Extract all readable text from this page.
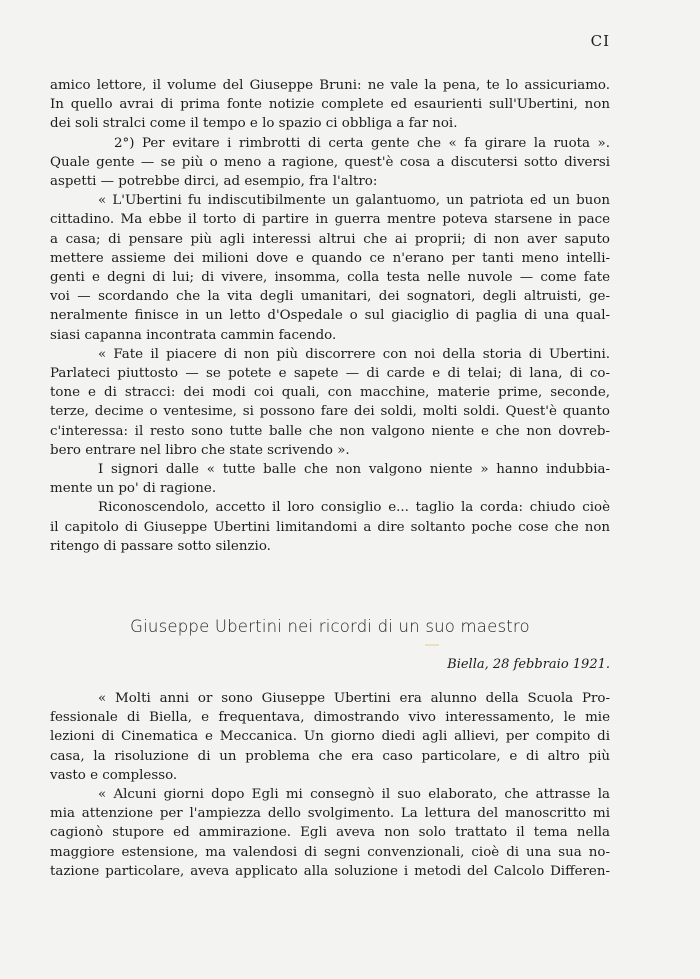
CI
amico lettore, il volume del Giuseppe Bruni: ne vale la pena, te lo assicuriamo.
In quello avrai di prima fonte notizie complete ed esaurienti sull'Ubertini, non
dei soli stralci come il tempo e lo spazio ci obbliga a far noi.
2°) Per evitare i rimbrotti di certa gente che « fa girare la ruota ».
Quale gente — se più o meno a ragione, quest'è cosa a discutersi sotto diversi
aspetti — potrebbe dirci, ad esempio, fra l'altro:
« L'Ubertini fu indiscutibilmente un galantuomo, un patriota ed un buon
cittadino. Ma ebbe il torto di partire in guerra mentre poteva starsene in pace
a casa; di pensare più agli interessi altrui che ai proprii; di non aver saputo
mettere assieme dei milioni dove e quando ce n'erano per tanti meno intelli-
genti e degni di lui; di vivere, insomma, colla testa nelle nuvole — come fate
voi — scordando che la vita degli umanitari, dei sognatori, degli altruisti, ge-
neralmente finisce in un letto d'Ospedale o sul giaciglio di paglia di una qual-
siasi capanna incontrata cammin facendo.
« Fate il piacere di non più discorrere con noi della storia di Ubertini.
Parlateci piuttosto — se potete e sapete — di carde e di telai; di lana, di co-
tone e di stracci: dei modi coi quali, con macchine, materie prime, seconde,
terze, decime o ventesime, si possono fare dei soldi, molti soldi. Quest'è quanto
c'interessa: il resto sono tutte balle che non valgono niente e che non dovreb-
bero entrare nel libro che state scrivendo ».
I signori dalle « tutte balle che non valgono niente » hanno indubbia-
mente un po' di ragione.
Riconoscendolo, accetto il loro consiglio e... taglio la corda: chiudo cioè
il capitolo di Giuseppe Ubertini limitandomi a dire soltanto poche cose che non
ritengo di passare sotto silenzio.
Giuseppe Ubertini nei ricordi di un suo maestro
Biella, 28 febbraio 1921.
« Molti anni or sono Giuseppe Ubertini era alunno della Scuola Pro-
fessionale di Biella, e frequentava, dimostrando vivo interessamento, le mie
lezioni di Cinematica e Meccanica. Un giorno diedi agli allievi, per compito di
casa, la risoluzione di un problema che era caso particolare, e di altro più
vasto e complesso.
« Alcuni giorni dopo Egli mi consegnò il suo elaborato, che attrasse la
mia attenzione per l'ampiezza dello svolgimento. La lettura del manoscritto mi
cagionò stupore ed ammirazione. Egli aveva non solo trattato il tema nella
maggiore estensione, ma valendosi di segni convenzionali, cioè di una sua no-
tazione particolare, aveva applicato alla soluzione i metodi del Calcolo Differen-
